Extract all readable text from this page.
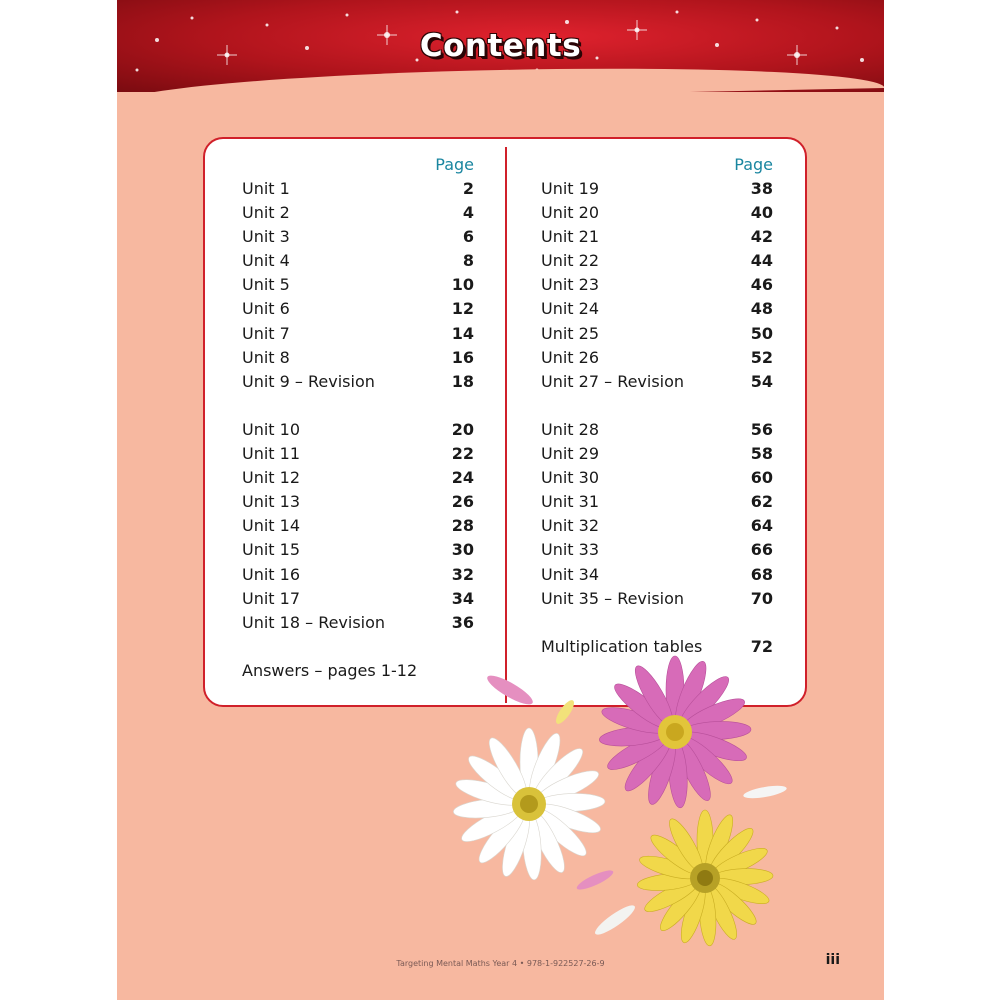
Contents
Page
Unit 1	2
Unit 2	4
Unit 3	6
Unit 4	8
Unit 5	10
Unit 6	12
Unit 7	14
Unit 8	16
Unit 9 – Revision	18
Unit 10	20
Unit 11	22
Unit 12	24
Unit 13	26
Unit 14	28
Unit 15	30
Unit 16	32
Unit 17	34
Unit 18 – Revision	36
Answers – pages 1-12
Page
Unit 19	38
Unit 20	40
Unit 21	42
Unit 22	44
Unit 23	46
Unit 24	48
Unit 25	50
Unit 26	52
Unit 27 – Revision	54
Unit 28	56
Unit 29	58
Unit 30	60
Unit 31	62
Unit 32	64
Unit 33	66
Unit 34	68
Unit 35 – Revision	70
Multiplication tables	72
Targeting Mental Maths Year 4 • 978-1-922527-26-9	iii
